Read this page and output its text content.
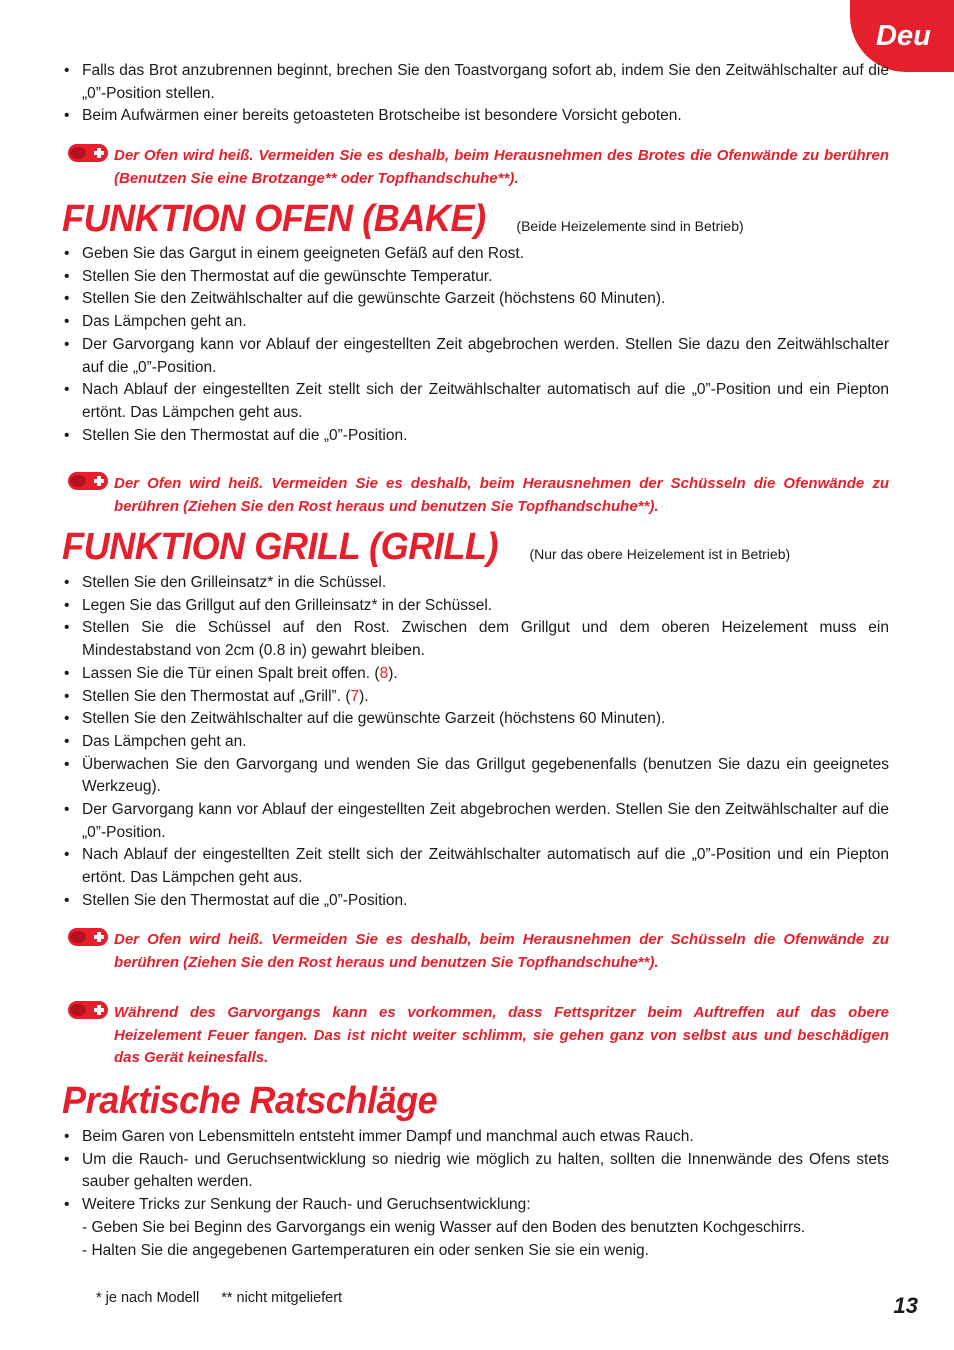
Deu
• Falls das Brot anzubrennen beginnt, brechen Sie den Toastvorgang sofort ab, indem Sie den Zeitwählschalter auf die „0”-Position stellen.
• Beim Aufwärmen einer bereits getoasteten Brotscheibe ist besondere Vorsicht geboten.
Der Ofen wird heiß. Vermeiden Sie es deshalb, beim Herausnehmen des Brotes die Ofenwände zu berühren (Benutzen Sie eine Brotzange** oder Topfhandschuhe**).
FUNKTION OFEN (BAKE) (Beide Heizelemente sind in Betrieb)
• Geben Sie das Gargut in einem geeigneten Gefäß auf den Rost.
• Stellen Sie den Thermostat auf die gewünschte Temperatur.
• Stellen Sie den Zeitwählschalter auf die gewünschte Garzeit (höchstens 60 Minuten).
• Das Lämpchen geht an.
• Der Garvorgang kann vor Ablauf der eingestellten Zeit abgebrochen werden. Stellen Sie dazu den Zeitwählschalter auf die „0”-Position.
• Nach Ablauf der eingestellten Zeit stellt sich der Zeitwählschalter automatisch auf die „0”-Position und ein Piepton ertönt. Das Lämpchen geht aus.
• Stellen Sie den Thermostat auf die „0”-Position.
Der Ofen wird heiß. Vermeiden Sie es deshalb, beim Herausnehmen der Schüsseln die Ofenwände zu berühren (Ziehen Sie den Rost heraus und benutzen Sie Topfhandschuhe**).
FUNKTION GRILL (GRILL) (Nur das obere Heizelement ist in Betrieb)
• Stellen Sie den Grilleinsatz* in die Schüssel.
• Legen Sie das Grillgut auf den Grilleinsatz* in der Schüssel.
• Stellen Sie die Schüssel auf den Rost. Zwischen dem Grillgut und dem oberen Heizelement muss ein Mindestabstand von 2cm (0.8 in) gewahrt bleiben.
• Lassen Sie die Tür einen Spalt breit offen. (8).
• Stellen Sie den Thermostat auf „Grill”. (7).
• Stellen Sie den Zeitwählschalter auf die gewünschte Garzeit (höchstens 60 Minuten).
• Das Lämpchen geht an.
• Überwachen Sie den Garvorgang und wenden Sie das Grillgut gegebenenfalls (benutzen Sie dazu ein geeignetes Werkzeug).
• Der Garvorgang kann vor Ablauf der eingestellten Zeit abgebrochen werden. Stellen Sie den Zeitwählschalter auf die „0”-Position.
• Nach Ablauf der eingestellten Zeit stellt sich der Zeitwählschalter automatisch auf die „0”-Position und ein Piepton ertönt. Das Lämpchen geht aus.
• Stellen Sie den Thermostat auf die „0”-Position.
Der Ofen wird heiß. Vermeiden Sie es deshalb, beim Herausnehmen der Schüsseln die Ofenwände zu berühren (Ziehen Sie den Rost heraus und benutzen Sie Topfhandschuhe**).
Während des Garvorgangs kann es vorkommen, dass Fettspritzer beim Auftreffen auf das obere Heizelement Feuer fangen. Das ist nicht weiter schlimm, sie gehen ganz von selbst aus und beschädigen das Gerät keinesfalls.
Praktische Ratschläge
• Beim Garen von Lebensmitteln entsteht immer Dampf und manchmal auch etwas Rauch.
• Um die Rauch- und Geruchsentwicklung so niedrig wie möglich zu halten, sollten die Innenwände des Ofens stets sauber gehalten werden.
• Weitere Tricks zur Senkung der Rauch- und Geruchsentwicklung:
- Geben Sie bei Beginn des Garvorgangs ein wenig Wasser auf den Boden des benutzten Kochgeschirrs.
- Halten Sie die angegebenen Gartemperaturen ein oder senken Sie sie ein wenig.
* je nach Modell ** nicht mitgeliefert	13
